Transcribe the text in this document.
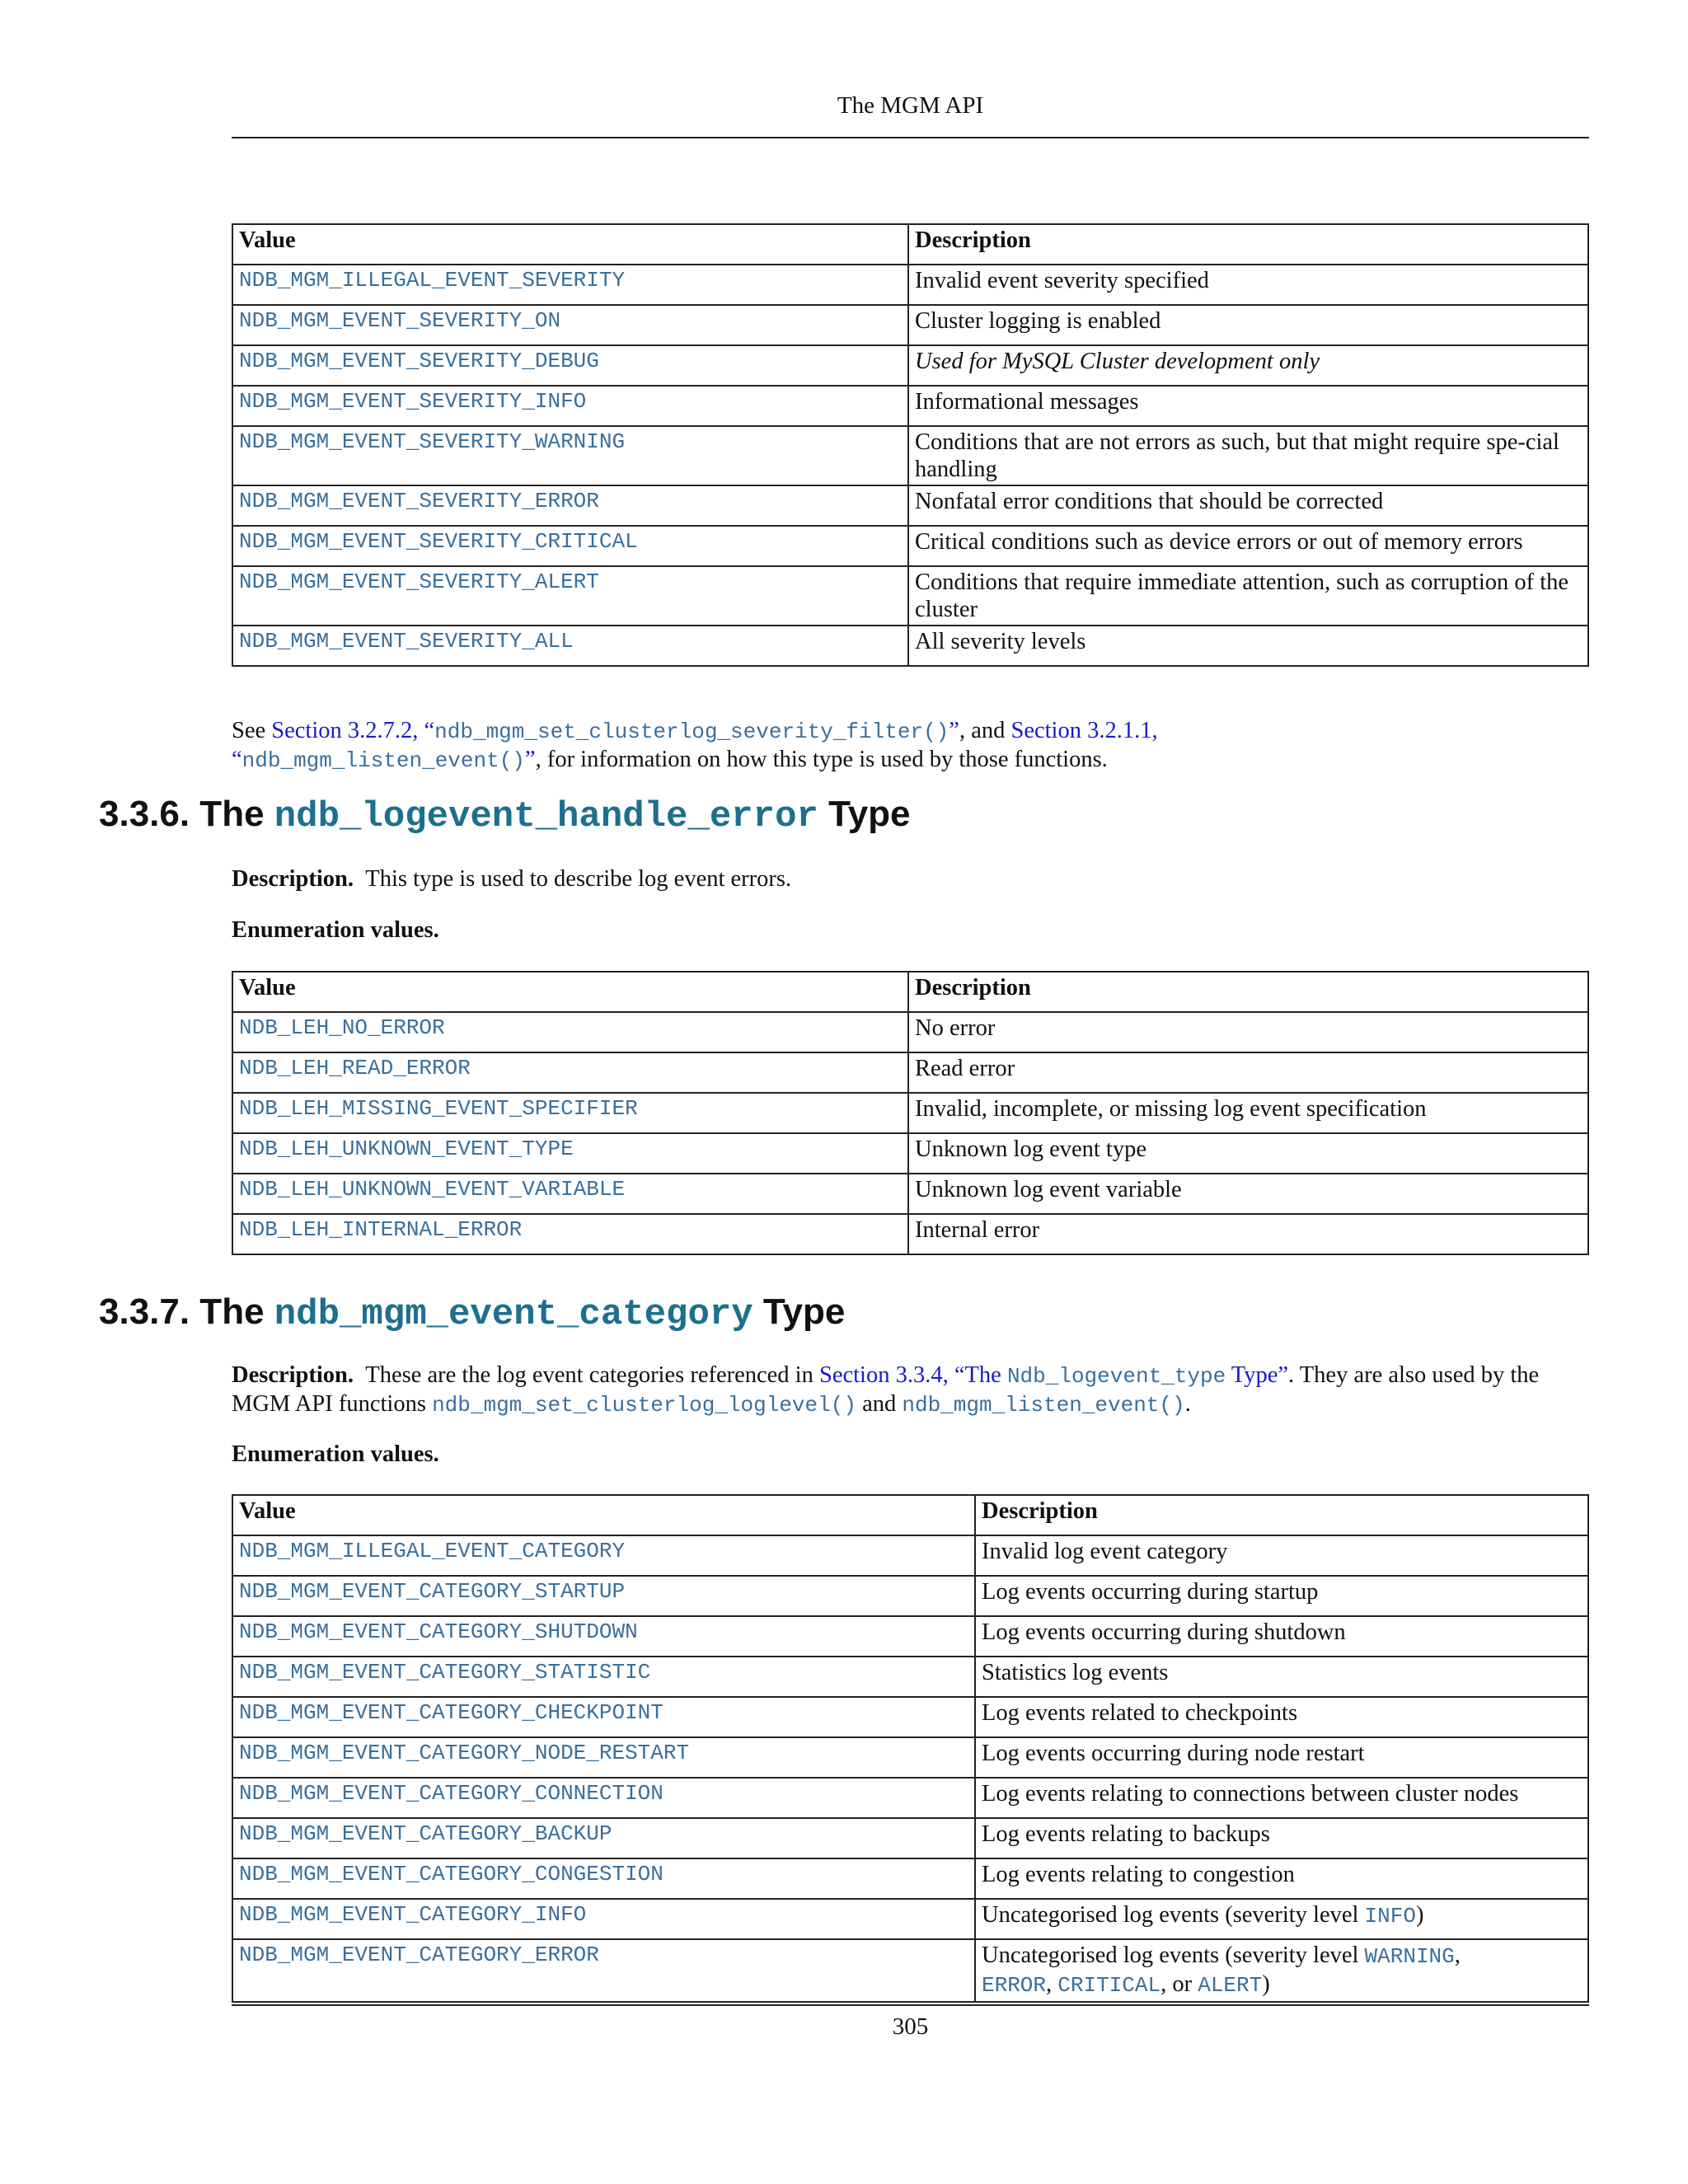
The MGM API
Value	Description
NDB_MGM_ILLEGAL_EVENT_SEVERITY	Invalid event severity specified
NDB_MGM_EVENT_SEVERITY_ON	Cluster logging is enabled
NDB_MGM_EVENT_SEVERITY_DEBUG	Used for MySQL Cluster development only
NDB_MGM_EVENT_SEVERITY_INFO	Informational messages
NDB_MGM_EVENT_SEVERITY_WARNING	Conditions that are not errors as such, but that might require spe-cial handling
NDB_MGM_EVENT_SEVERITY_ERROR	Nonfatal error conditions that should be corrected
NDB_MGM_EVENT_SEVERITY_CRITICAL	Critical conditions such as device errors or out of memory errors
NDB_MGM_EVENT_SEVERITY_ALERT	Conditions that require immediate attention, such as corruption of the cluster
NDB_MGM_EVENT_SEVERITY_ALL	All severity levels
See Section 3.2.7.2, “ndb_mgm_set_clusterlog_severity_filter()”, and Section 3.2.1.1,
“ndb_mgm_listen_event()”, for information on how this type is used by those functions.
3.3.6. The ndb_logevent_handle_error Type
Description. This type is used to describe log event errors.
Enumeration values.
Value	Description
NDB_LEH_NO_ERROR	No error
NDB_LEH_READ_ERROR	Read error
NDB_LEH_MISSING_EVENT_SPECIFIER	Invalid, incomplete, or missing log event specification
NDB_LEH_UNKNOWN_EVENT_TYPE	Unknown log event type
NDB_LEH_UNKNOWN_EVENT_VARIABLE	Unknown log event variable
NDB_LEH_INTERNAL_ERROR	Internal error
3.3.7. The ndb_mgm_event_category Type
Description. These are the log event categories referenced in Section 3.3.4, “The Ndb_logevent_type Type”. They are also used by the MGM API functions ndb_mgm_set_clusterlog_loglevel() and ndb_mgm_listen_event().
Enumeration values.
Value	Description
NDB_MGM_ILLEGAL_EVENT_CATEGORY	Invalid log event category
NDB_MGM_EVENT_CATEGORY_STARTUP	Log events occurring during startup
NDB_MGM_EVENT_CATEGORY_SHUTDOWN	Log events occurring during shutdown
NDB_MGM_EVENT_CATEGORY_STATISTIC	Statistics log events
NDB_MGM_EVENT_CATEGORY_CHECKPOINT	Log events related to checkpoints
NDB_MGM_EVENT_CATEGORY_NODE_RESTART	Log events occurring during node restart
NDB_MGM_EVENT_CATEGORY_CONNECTION	Log events relating to connections between cluster nodes
NDB_MGM_EVENT_CATEGORY_BACKUP	Log events relating to backups
NDB_MGM_EVENT_CATEGORY_CONGESTION	Log events relating to congestion
NDB_MGM_EVENT_CATEGORY_INFO	Uncategorised log events (severity level INFO)
NDB_MGM_EVENT_CATEGORY_ERROR	Uncategorised log events (severity level WARNING,
ERROR, CRITICAL, or ALERT)
305
